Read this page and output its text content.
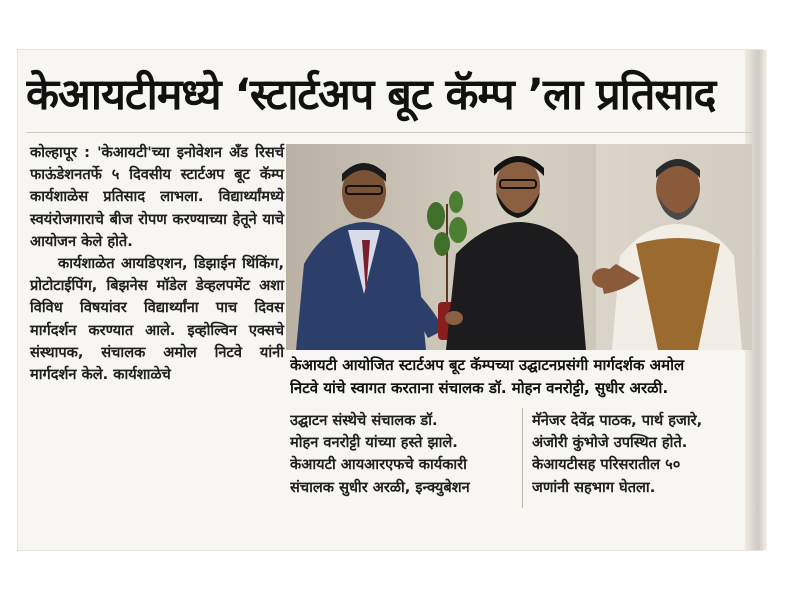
केआयटीमध्ये ‘स्टार्टअप बूट कॅम्प ’ला प्रतिसाद

कोल्हापूर : 'केआयटी'च्या इनोवेशन अँड रिसर्च फाऊंडेशनतर्फे ५ दिवसीय स्टार्टअप बूट कॅम्प कार्यशाळेस प्रतिसाद लाभला. विद्यार्थ्यांमध्ये स्वयंरोजगाराचे बीज रोपण करण्याच्या हेतूने याचे आयोजन केले होते.

कार्यशाळेत आयडिएशन, डिझाईन थिंकिंग, प्रोटोटाईपिंग, बिझनेस मॉडेल डेव्हलपमेंट अशा विविध विषयांवर विद्यार्थ्यांना पाच दिवस मार्गदर्शन करण्यात आले. इव्होल्विन एक्सचे संस्थापक, संचालक अमोल निटवे यांनी मार्गदर्शन केले. कार्यशाळेचे

केआयटी आयोजित स्टार्टअप बूट कॅम्पच्या उद्घाटनप्रसंगी मार्गदर्शक अमोल

निटवे यांचे स्वागत करताना संचालक डॉ. मोहन वनरोट्टी, सुधीर अरळी.

उद्घाटन संस्थेचे संचालक डॉ.

मोहन वनरोट्टी यांच्या हस्ते झाले.

केआयटी आयआरएफचे कार्यकारी

संचालक सुधीर अरळी, इन्क्युबेशन

मॅनेजर देवेंद्र पाठक, पार्थ हजारे,

अंजोरी कुंभोजे उपस्थित होते.

केआयटीसह परिसरातील ५०

जणांनी सहभाग घेतला.
